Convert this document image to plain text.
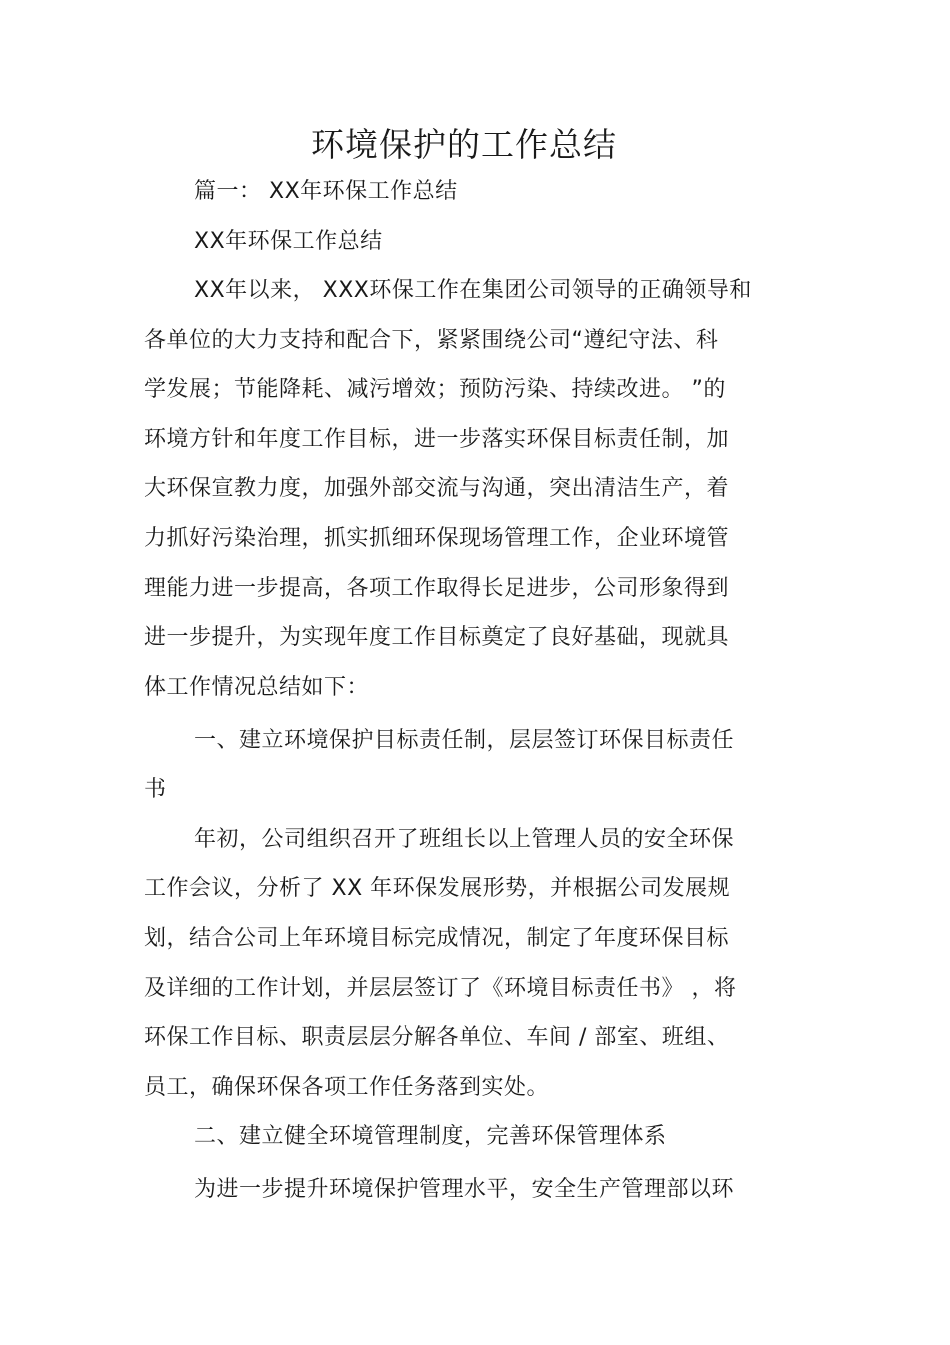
环境保护的工作总结
篇一： XX年环保工作总结
XX年环保工作总结
XX年以来， XXX环保工作在集团公司领导的正确领导和
各单位的大力支持和配合下，紧紧围绕公司“遵纪守法、科
学发展；节能降耗、减污增效；预防污染、持续改进。 ”的
环境方针和年度工作目标，进一步落实环保目标责任制，加
大环保宣教力度，加强外部交流与沟通，突出清洁生产，着
力抓好污染治理，抓实抓细环保现场管理工作，企业环境管
理能力进一步提高，各项工作取得长足进步，公司形象得到
进一步提升，为实现年度工作目标奠定了良好基础，现就具
体工作情况总结如下：
一、建立环境保护目标责任制，层层签订环保目标责任
书
年初，公司组织召开了班组长以上管理人员的安全环保
工作会议，分析了 XX 年环保发展形势，并根据公司发展规
划，结合公司上年环境目标完成情况，制定了年度环保目标
及详细的工作计划，并层层签订了《环境目标责任书》 ，将
环保工作目标、职责层层分解各单位、车间 / 部室、班组、
员工，确保环保各项工作任务落到实处。
二、建立健全环境管理制度，完善环保管理体系
为进一步提升环境保护管理水平，安全生产管理部以环
